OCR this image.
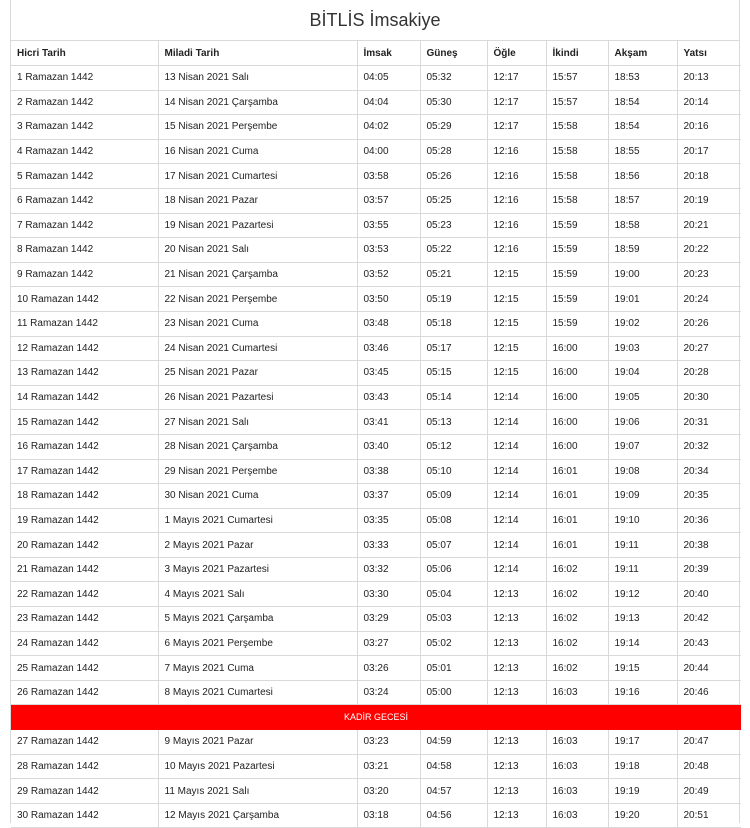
BİTLİS İmsakiye
Hicri Tarih	Miladi Tarih	İmsak	Güneş	Öğle	İkindi	Akşam	Yatsı
1 Ramazan 1442	13 Nisan 2021 Salı	04:05	05:32	12:17	15:57	18:53	20:13
2 Ramazan 1442	14 Nisan 2021 Çarşamba	04:04	05:30	12:17	15:57	18:54	20:14
3 Ramazan 1442	15 Nisan 2021 Perşembe	04:02	05:29	12:17	15:58	18:54	20:16
4 Ramazan 1442	16 Nisan 2021 Cuma	04:00	05:28	12:16	15:58	18:55	20:17
5 Ramazan 1442	17 Nisan 2021 Cumartesi	03:58	05:26	12:16	15:58	18:56	20:18
6 Ramazan 1442	18 Nisan 2021 Pazar	03:57	05:25	12:16	15:58	18:57	20:19
7 Ramazan 1442	19 Nisan 2021 Pazartesi	03:55	05:23	12:16	15:59	18:58	20:21
8 Ramazan 1442	20 Nisan 2021 Salı	03:53	05:22	12:16	15:59	18:59	20:22
9 Ramazan 1442	21 Nisan 2021 Çarşamba	03:52	05:21	12:15	15:59	19:00	20:23
10 Ramazan 1442	22 Nisan 2021 Perşembe	03:50	05:19	12:15	15:59	19:01	20:24
11 Ramazan 1442	23 Nisan 2021 Cuma	03:48	05:18	12:15	15:59	19:02	20:26
12 Ramazan 1442	24 Nisan 2021 Cumartesi	03:46	05:17	12:15	16:00	19:03	20:27
13 Ramazan 1442	25 Nisan 2021 Pazar	03:45	05:15	12:15	16:00	19:04	20:28
14 Ramazan 1442	26 Nisan 2021 Pazartesi	03:43	05:14	12:14	16:00	19:05	20:30
15 Ramazan 1442	27 Nisan 2021 Salı	03:41	05:13	12:14	16:00	19:06	20:31
16 Ramazan 1442	28 Nisan 2021 Çarşamba	03:40	05:12	12:14	16:00	19:07	20:32
17 Ramazan 1442	29 Nisan 2021 Perşembe	03:38	05:10	12:14	16:01	19:08	20:34
18 Ramazan 1442	30 Nisan 2021 Cuma	03:37	05:09	12:14	16:01	19:09	20:35
19 Ramazan 1442	1 Mayıs 2021 Cumartesi	03:35	05:08	12:14	16:01	19:10	20:36
20 Ramazan 1442	2 Mayıs 2021 Pazar	03:33	05:07	12:14	16:01	19:11	20:38
21 Ramazan 1442	3 Mayıs 2021 Pazartesi	03:32	05:06	12:14	16:02	19:11	20:39
22 Ramazan 1442	4 Mayıs 2021 Salı	03:30	05:04	12:13	16:02	19:12	20:40
23 Ramazan 1442	5 Mayıs 2021 Çarşamba	03:29	05:03	12:13	16:02	19:13	20:42
24 Ramazan 1442	6 Mayıs 2021 Perşembe	03:27	05:02	12:13	16:02	19:14	20:43
25 Ramazan 1442	7 Mayıs 2021 Cuma	03:26	05:01	12:13	16:02	19:15	20:44
26 Ramazan 1442	8 Mayıs 2021 Cumartesi	03:24	05:00	12:13	16:03	19:16	20:46
KADİR GECESİ							
27 Ramazan 1442	9 Mayıs 2021 Pazar	03:23	04:59	12:13	16:03	19:17	20:47
28 Ramazan 1442	10 Mayıs 2021 Pazartesi	03:21	04:58	12:13	16:03	19:18	20:48
29 Ramazan 1442	11 Mayıs 2021 Salı	03:20	04:57	12:13	16:03	19:19	20:49
30 Ramazan 1442	12 Mayıs 2021 Çarşamba	03:18	04:56	12:13	16:03	19:20	20:51
